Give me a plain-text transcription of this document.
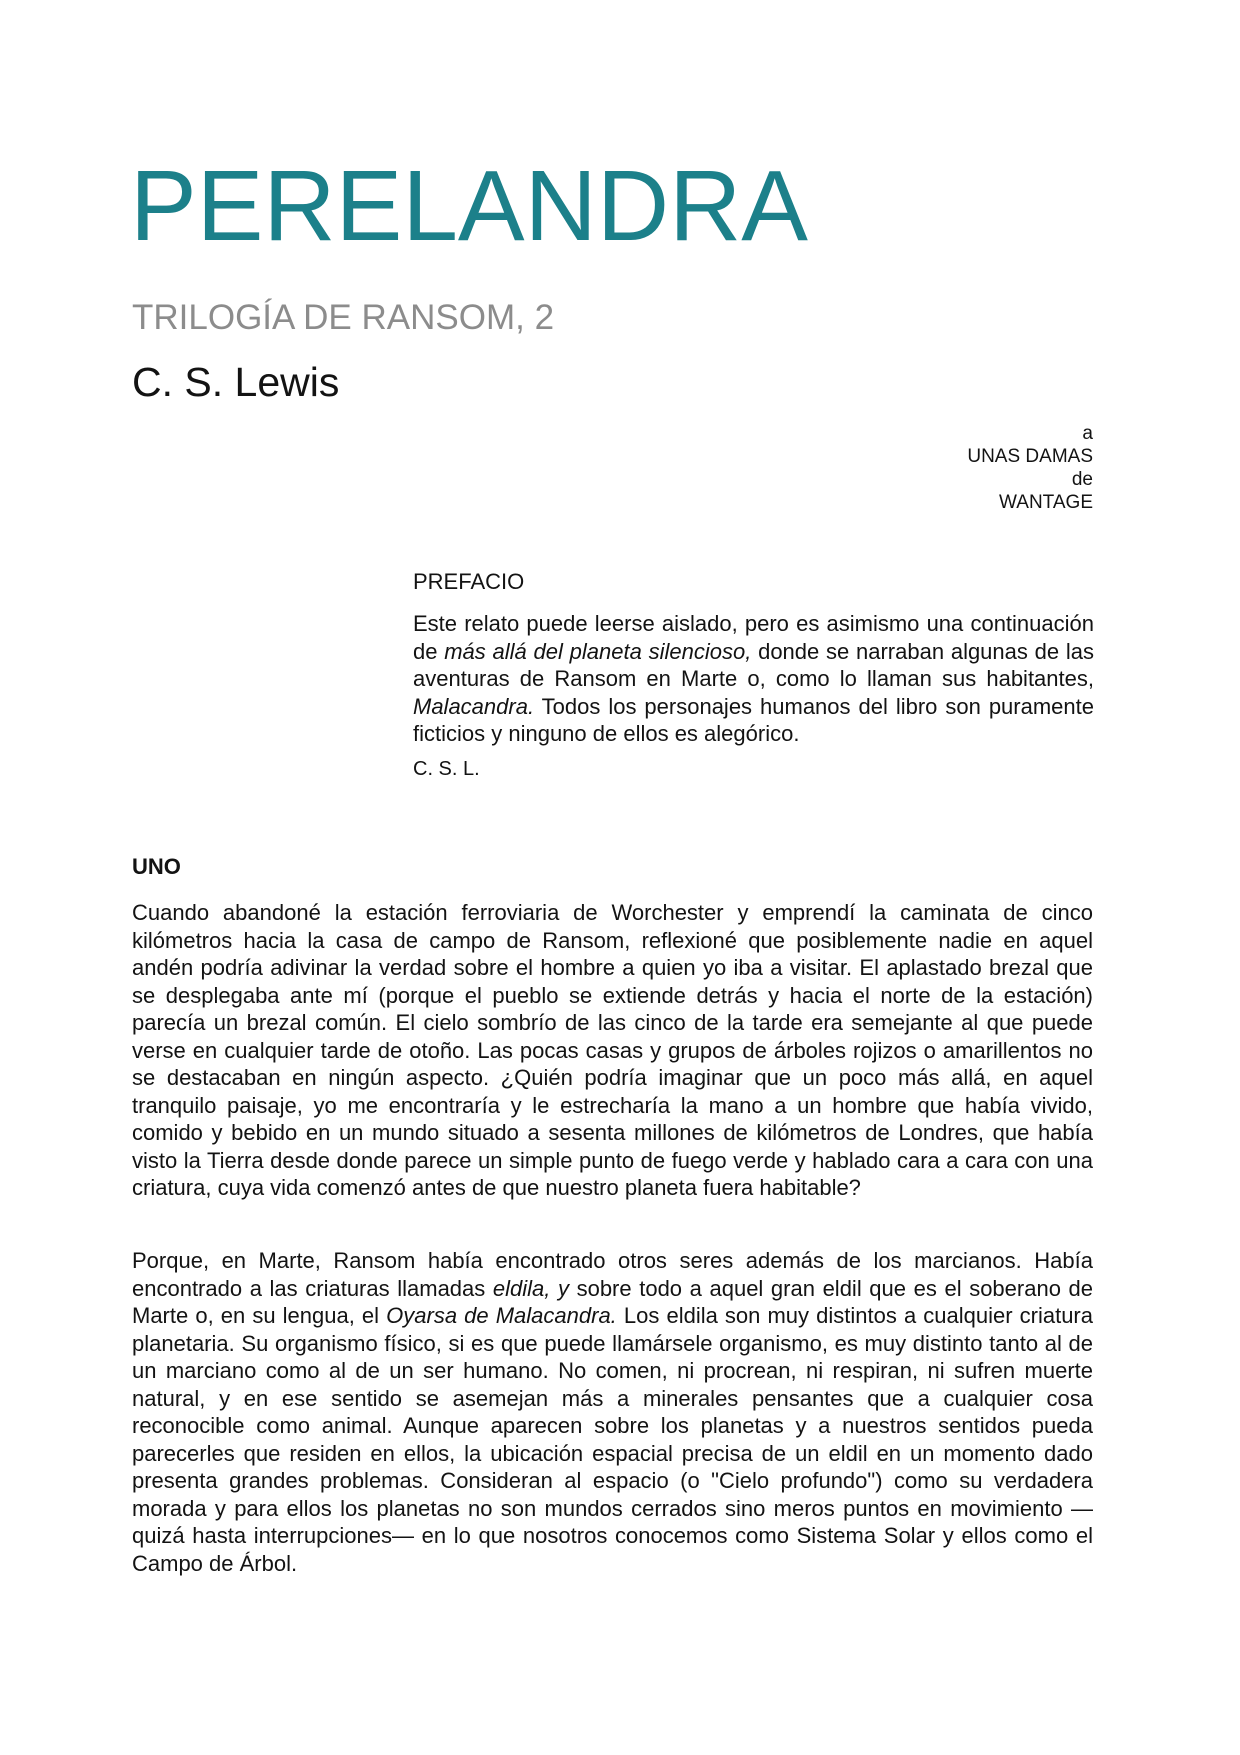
PERELANDRA
TRILOGÍA DE RANSOM, 2
C. S. Lewis
a
UNAS DAMAS
de
WANTAGE
PREFACIO

Este relato puede leerse aislado, pero es asimismo una continuación de más allá del planeta silencioso, donde se narraban algunas de las aventuras de Ransom en Marte o, como lo llaman sus habitantes, Malacandra. Todos los personajes humanos del libro son puramente ficticios y ninguno de ellos es alegórico.

C. S. L.
UNO

Cuando abandoné la estación ferroviaria de Worchester y emprendí la caminata de cinco kilómetros hacia la casa de campo de Ransom, reflexioné que posiblemente nadie en aquel andén podría adivinar la verdad sobre el hombre a quien yo iba a visitar. El aplastado brezal que se desplegaba ante mí (porque el pueblo se extiende detrás y hacia el norte de la estación) parecía un brezal común. El cielo sombrío de las cinco de la tarde era semejante al que puede verse en cualquier tarde de otoño. Las pocas casas y grupos de árboles rojizos o amarillentos no se destacaban en ningún aspecto. ¿Quién podría imaginar que un poco más allá, en aquel tranquilo paisaje, yo me encontraría y le estrecharía la mano a un hombre que había vivido, comido y bebido en un mundo situado a sesenta millones de kilómetros de Londres, que había visto la Tierra desde donde parece un simple punto de fuego verde y hablado cara a cara con una criatura, cuya vida comenzó antes de que nuestro planeta fuera habitable?

Porque, en Marte, Ransom había encontrado otros seres además de los marcianos. Había encontrado a las criaturas llamadas eldila, y sobre todo a aquel gran eldil que es el soberano de Marte o, en su lengua, el Oyarsa de Malacandra. Los eldila son muy distintos a cualquier criatura planetaria. Su organismo físico, si es que puede llamársele organismo, es muy distinto tanto al de un marciano como al de un ser humano. No comen, ni procrean, ni respiran, ni sufren muerte natural, y en ese sentido se asemejan más a minerales pensantes que a cualquier cosa reconocible como animal. Aunque aparecen sobre los planetas y a nuestros sentidos pueda parecerles que residen en ellos, la ubicación espacial precisa de un eldil en un momento dado presenta grandes problemas. Consideran al espacio (o "Cielo profundo") como su verdadera morada y para ellos los planetas no son mundos cerrados sino meros puntos en movimiento —quizá hasta interrupciones— en lo que nosotros conocemos como Sistema Solar y ellos como el Campo de Árbol.
